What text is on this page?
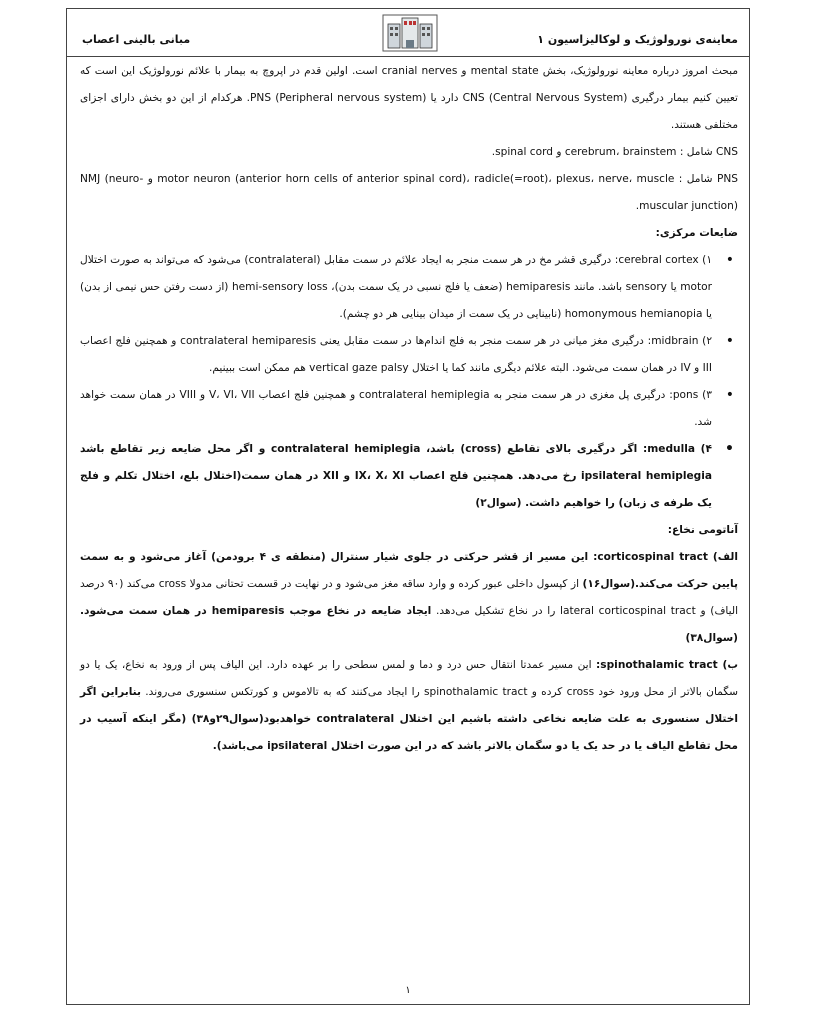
معاینه‌ی نورولوژیک و لوکالیزاسیون ۱
مبانی بالینی اعصاب

مبحث امروز درباره معاینه نورولوژیک، بخش mental state و cranial nerves است. اولین قدم در اپروچ به بیمار با علائم نورولوژیک این است که تعیین کنیم بیمار درگیری CNS (Central Nervous System) دارد یا PNS (Peripheral nervous system). هرکدام از این دو بخش دارای اجزای مختلفی هستند.

CNS شامل : cerebrum، brainstem و spinal cord.

PNS شامل : motor neuron (anterior horn cells of anterior spinal cord)، radicle(=root)، plexus، nerve، muscle و NMJ (neuro-muscular junction).

ضایعات مرکزی:

• ۱) cerebral cortex: درگیری قشر مخ در هر سمت منجر به ایجاد علائم در سمت مقابل (contralateral) می‌شود که می‌تواند به صورت اختلال motor یا sensory باشد. مانند hemiparesis (ضعف یا فلج نسبی در یک سمت بدن)، hemi-sensory loss (از دست رفتن حس نیمی از بدن) یا homonymous hemianopia (نابینایی در یک سمت از میدان بینایی هر دو چشم).
• ۲) midbrain: درگیری مغز میانی در هر سمت منجر به فلج اندام‌ها در سمت مقابل یعنی contralateral hemiparesis و همچنین فلج اعصاب III و IV در همان سمت می‌شود. البته علائم دیگری مانند کما یا اختلال vertical gaze palsy هم ممکن است ببینیم.
• ۳) pons: درگیری پل مغزی در هر سمت منجر به contralateral hemiplegia و همچنین فلج اعصاب V، VI، VII و VIII در همان سمت خواهد شد.
• ۴) medulla: اگر درگیری بالای تقاطع (cross) باشد، contralateral hemiplegia و اگر محل ضایعه زیر تقاطع باشد ipsilateral hemiplegia رخ می‌دهد. همچنین فلج اعصاب IX، X، XI و XII در همان سمت(اختلال بلع، اختلال تکلم و فلج یک طرفه ی زبان) را خواهیم داشت. (سوال۲)

آناتومی نخاع:

الف) corticospinal tract: این مسیر از قشر حرکتی در جلوی شیار سنترال (منطقه ی ۴ برودمن) آغاز می‌شود و به سمت پایین حرکت می‌کند.(سوال۱۶) از کپسول داخلی عبور کرده و وارد ساقه مغز می‌شود و در نهایت در قسمت تحتانی مدولا cross می‌کند (۹۰ درصد الیاف) و lateral corticospinal tract را در نخاع تشکیل می‌دهد. ایجاد ضایعه در نخاع موجب hemiparesis در همان سمت می‌شود.(سوال۳۸)

ب) spinothalamic tract: این مسیر عمدتا انتقال حس درد و دما و لمس سطحی را بر عهده دارد. این الیاف پس از ورود به نخاع، یک یا دو سگمان بالاتر از محل ورود خود cross کرده و spinothalamic tract را ایجاد می‌کنند که به تالاموس و کورتکس سنسوری می‌روند. بنابراین اگر اختلال سنسوری به علت ضایعه نخاعی داشته باشیم این اختلال contralateral خواهدبود(سوال۲۹و۳۸) (مگر اینکه آسیب در محل تقاطع الیاف یا در حد یک یا دو سگمان بالاتر باشد که در این صورت اختلال ipsilateral می‌باشد).

۱
